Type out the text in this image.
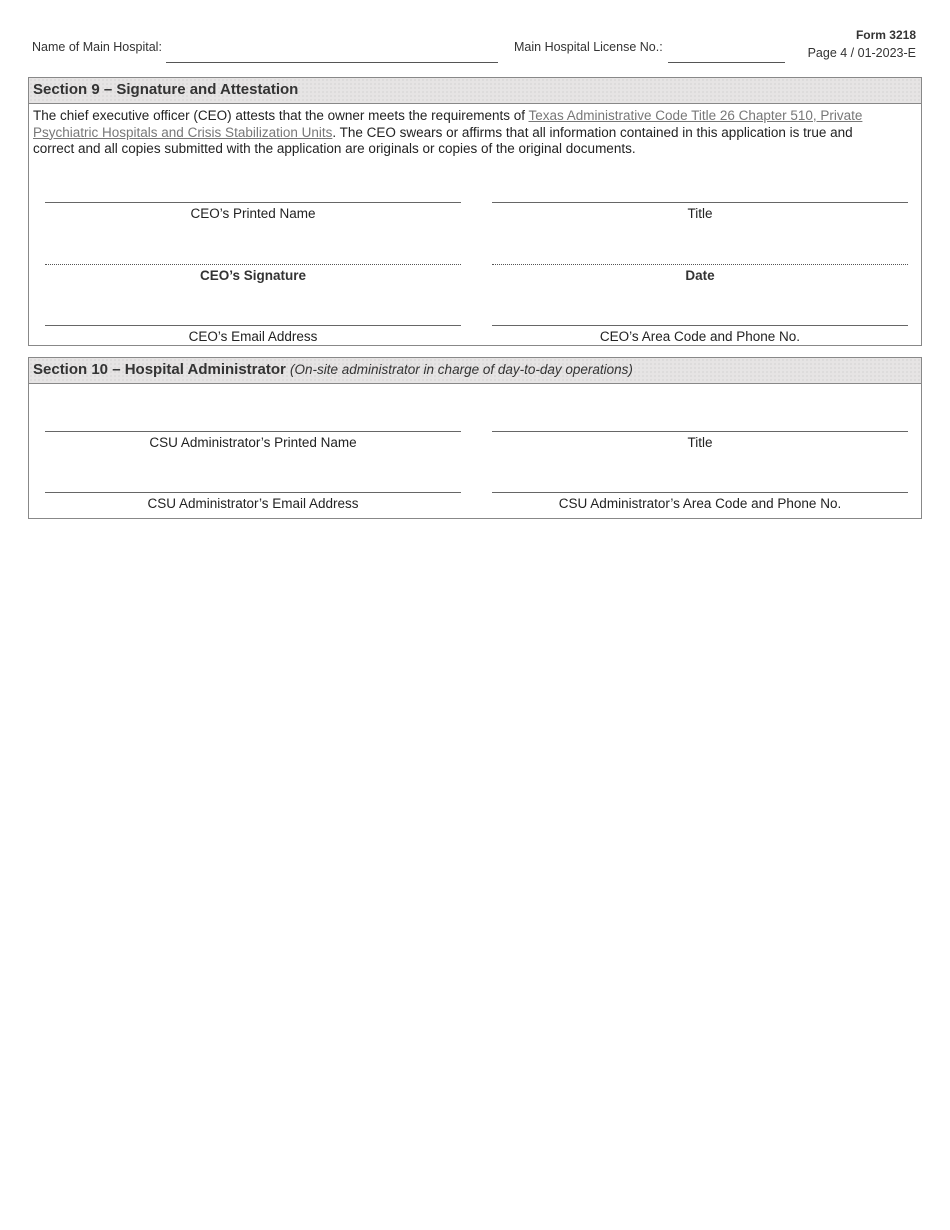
Name of Main Hospital:	Main Hospital License No.:
Form 3218
Page 4 / 01-2023-E
Section 9 – Signature and Attestation
The chief executive officer (CEO) attests that the owner meets the requirements of Texas Administrative Code Title 26 Chapter 510, Private Psychiatric Hospitals and Crisis Stabilization Units. The CEO swears or affirms that all information contained in this application is true and correct and all copies submitted with the application are originals or copies of the original documents.
CEO’s Printed Name	Title
CEO’s Signature	Date
CEO’s Email Address	CEO’s Area Code and Phone No.
Section 10 – Hospital Administrator (On-site administrator in charge of day-to-day operations)
CSU Administrator’s Printed Name	Title
CSU Administrator’s Email Address	CSU Administrator’s Area Code and Phone No.
